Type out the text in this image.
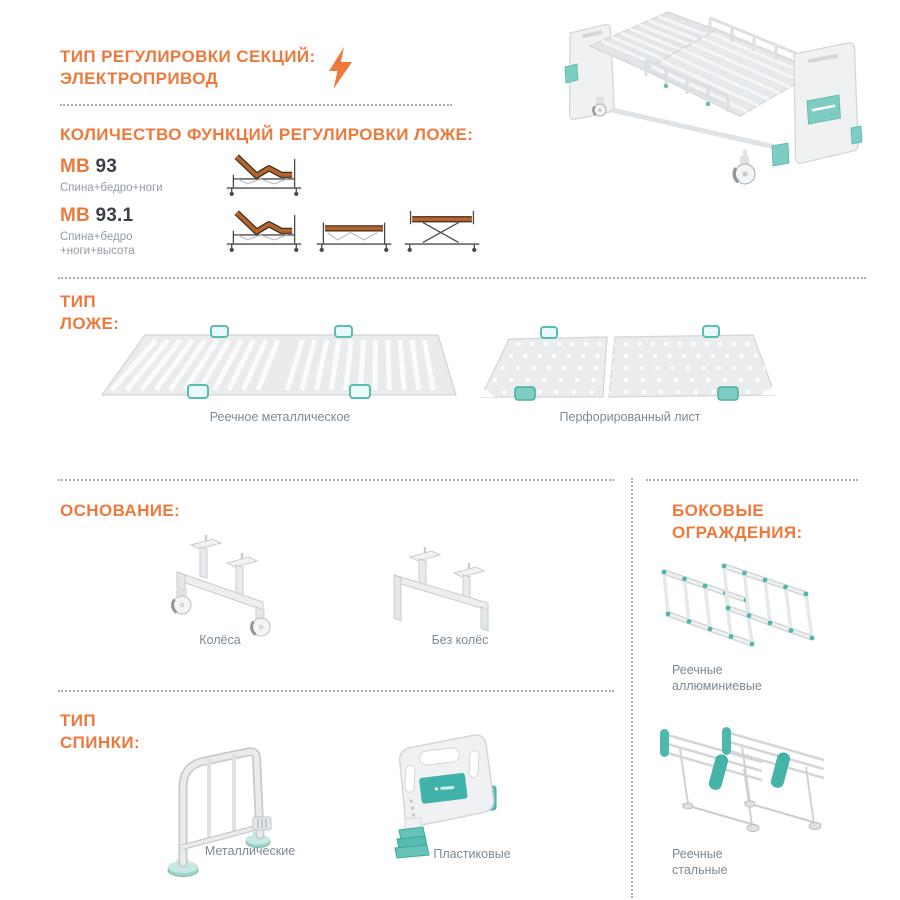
ТИП РЕГУЛИРОВКИ СЕКЦИЙ:
ЭЛЕКТРОПРИВОД
КОЛИЧЕСТВО ФУНКЦИЙ РЕГУЛИРОВКИ ЛОЖЕ:
МВ 93
Спина+бедро+ноги
МВ 93.1
Спина+бедро
+ноги+высота
ТИП
ЛОЖЕ:
Реечное металлическое	Перфорированный лист
ОСНОВАНИЕ:
Колёса	Без колёс
БОКОВЫЕ
ОГРАЖДЕНИЯ:
Реечные
аллюминиевые
Реечные
стальные
ТИП
СПИНКИ:
Металлические	Пластиковые
